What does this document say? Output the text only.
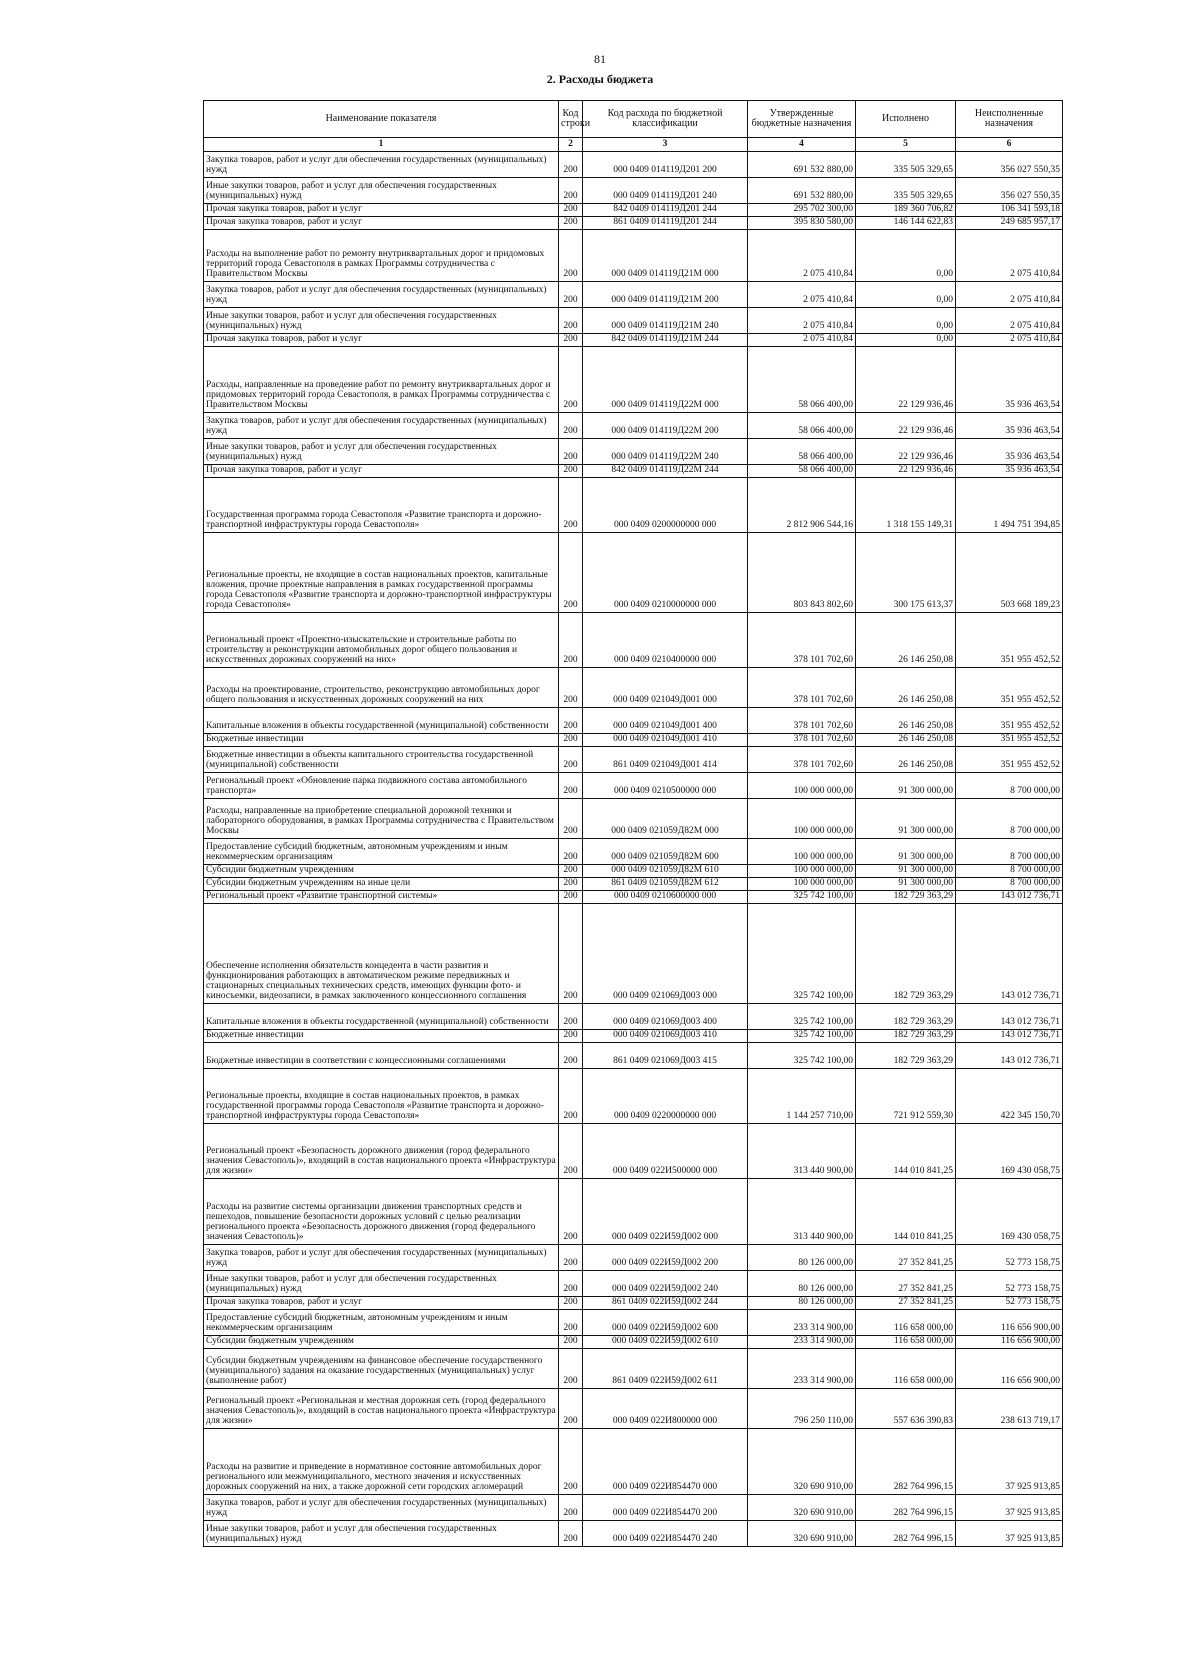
81
2. Расходы бюджета
Наименование показателя	Код строки	Код расхода по бюджетной классификации	Утвержденные бюджетные назначения	Исполнено	Неисполненные назначения
1	2	3	4	5	6
Закупка товаров, работ и услуг для обеспечения государственных (муниципальных) нужд	200	000 0409 014119Д201 200	691 532 880,00	335 505 329,65	356 027 550,35
Иные закупки товаров, работ и услуг для обеспечения государственных (муниципальных) нужд	200	000 0409 014119Д201 240	691 532 880,00	335 505 329,65	356 027 550,35
Прочая закупка товаров, работ и услуг	200	842 0409 014119Д201 244	295 702 300,00	189 360 706,82	106 341 593,18
Прочая закупка товаров, работ и услуг	200	861 0409 014119Д201 244	395 830 580,00	146 144 622,83	249 685 957,17
Расходы на выполнение работ по ремонту внутриквартальных дорог и придомовых территорий города Севастополя в рамках Программы сотрудничества с Правительством Москвы	200	000 0409 014119Д21М 000	2 075 410,84	0,00	2 075 410,84
Закупка товаров, работ и услуг для обеспечения государственных (муниципальных) нужд	200	000 0409 014119Д21М 200	2 075 410,84	0,00	2 075 410,84
Иные закупки товаров, работ и услуг для обеспечения государственных (муниципальных) нужд	200	000 0409 014119Д21М 240	2 075 410,84	0,00	2 075 410,84
Прочая закупка товаров, работ и услуг	200	842 0409 014119Д21М 244	2 075 410,84	0,00	2 075 410,84
Расходы, направленные на проведение работ по ремонту внутриквартальных дорог и придомовых территорий города Севастополя, в рамках Программы сотрудничества с Правительством Москвы	200	000 0409 014119Д22М 000	58 066 400,00	22 129 936,46	35 936 463,54
Закупка товаров, работ и услуг для обеспечения государственных (муниципальных) нужд	200	000 0409 014119Д22М 200	58 066 400,00	22 129 936,46	35 936 463,54
Иные закупки товаров, работ и услуг для обеспечения государственных (муниципальных) нужд	200	000 0409 014119Д22М 240	58 066 400,00	22 129 936,46	35 936 463,54
Прочая закупка товаров, работ и услуг	200	842 0409 014119Д22М 244	58 066 400,00	22 129 936,46	35 936 463,54
Государственная программа города Севастополя «Развитие транспорта и дорожно-транспортной инфраструктуры города Севастополя»	200	000 0409 0200000000 000	2 812 906 544,16	1 318 155 149,31	1 494 751 394,85
Региональные проекты, не входящие в состав национальных проектов, капитальные вложения, прочие проектные направления в рамках государственной программы города Севастополя «Развитие транспорта и дорожно-транспортной инфраструктуры города Севастополя»	200	000 0409 0210000000 000	803 843 802,60	300 175 613,37	503 668 189,23
Региональный проект «Проектно-изыскательские и строительные работы по строительству и реконструкции автомобильных дорог общего пользования и искусственных дорожных сооружений на них»	200	000 0409 0210400000 000	378 101 702,60	26 146 250,08	351 955 452,52
Расходы на проектирование, строительство, реконструкцию автомобильных дорог общего пользования и искусственных дорожных сооружений на них	200	000 0409 021049Д001 000	378 101 702,60	26 146 250,08	351 955 452,52
Капитальные вложения в объекты государственной (муниципальной) собственности	200	000 0409 021049Д001 400	378 101 702,60	26 146 250,08	351 955 452,52
Бюджетные инвестиции	200	000 0409 021049Д001 410	378 101 702,60	26 146 250,08	351 955 452,52
Бюджетные инвестиции в объекты капитального строительства государственной (муниципальной) собственности	200	861 0409 021049Д001 414	378 101 702,60	26 146 250,08	351 955 452,52
Региональный проект «Обновление парка подвижного состава автомобильного транспорта»	200	000 0409 0210500000 000	100 000 000,00	91 300 000,00	8 700 000,00
Расходы, направленные на приобретение специальной дорожной техники и лабораторного оборудования, в рамках Программы сотрудничества с Правительством Москвы	200	000 0409 021059Д82М 000	100 000 000,00	91 300 000,00	8 700 000,00
Предоставление субсидий бюджетным, автономным учреждениям и иным некоммерческим организациям	200	000 0409 021059Д82М 600	100 000 000,00	91 300 000,00	8 700 000,00
Субсидии бюджетным учреждениям	200	000 0409 021059Д82М 610	100 000 000,00	91 300 000,00	8 700 000,00
Субсидии бюджетным учреждениям на иные цели	200	861 0409 021059Д82М 612	100 000 000,00	91 300 000,00	8 700 000,00
Региональный проект «Развитие транспортной системы»	200	000 0409 0210600000 000	325 742 100,00	182 729 363,29	143 012 736,71
Обеспечение исполнения обязательств концедента в части развития и функционирования работающих в автоматическом режиме передвижных и стационарных специальных технических средств, имеющих функции фото- и киносъемки, видеозаписи, в рамках заключенного концессионного соглашения	200	000 0409 021069Д003 000	325 742 100,00	182 729 363,29	143 012 736,71
Капитальные вложения в объекты государственной (муниципальной) собственности	200	000 0409 021069Д003 400	325 742 100,00	182 729 363,29	143 012 736,71
Бюджетные инвестиции	200	000 0409 021069Д003 410	325 742 100,00	182 729 363,29	143 012 736,71
Бюджетные инвестиции в соответствии с концессионными соглашениями	200	861 0409 021069Д003 415	325 742 100,00	182 729 363,29	143 012 736,71
Региональные проекты, входящие в состав национальных проектов, в рамках государственной программы города Севастополя «Развитие транспорта и дорожно-транспортной инфраструктуры города Севастополя»	200	000 0409 0220000000 000	1 144 257 710,00	721 912 559,30	422 345 150,70
Региональный проект «Безопасность дорожного движения (город федерального значения Севастополь)», входящий в состав национального проекта «Инфраструктура для жизни»	200	000 0409 022И500000 000	313 440 900,00	144 010 841,25	169 430 058,75
Расходы на развитие системы организации движения транспортных средств и пешеходов, повышение безопасности дорожных условий с целью реализации регионального проекта «Безопасность дорожного движения (город федерального значения Севастополь)»	200	000 0409 022И59Д002 000	313 440 900,00	144 010 841,25	169 430 058,75
Закупка товаров, работ и услуг для обеспечения государственных (муниципальных) нужд	200	000 0409 022И59Д002 200	80 126 000,00	27 352 841,25	52 773 158,75
Иные закупки товаров, работ и услуг для обеспечения государственных (муниципальных) нужд	200	000 0409 022И59Д002 240	80 126 000,00	27 352 841,25	52 773 158,75
Прочая закупка товаров, работ и услуг	200	861 0409 022И59Д002 244	80 126 000,00	27 352 841,25	52 773 158,75
Предоставление субсидий бюджетным, автономным учреждениям и иным некоммерческим организациям	200	000 0409 022И59Д002 600	233 314 900,00	116 658 000,00	116 656 900,00
Субсидии бюджетным учреждениям	200	000 0409 022И59Д002 610	233 314 900,00	116 658 000,00	116 656 900,00
Субсидии бюджетным учреждениям на финансовое обеспечение государственного (муниципального) задания на оказание государственных (муниципальных) услуг (выполнение работ)	200	861 0409 022И59Д002 611	233 314 900,00	116 658 000,00	116 656 900,00
Региональный проект «Региональная и местная дорожная сеть (город федерального значения Севастополь)», входящий в состав национального проекта «Инфраструктура для жизни»	200	000 0409 022И800000 000	796 250 110,00	557 636 390,83	238 613 719,17
Расходы на развитие и приведение в нормативное состояние автомобильных дорог регионального или межмуниципального, местного значения и искусственных дорожных сооружений на них, а также дорожной сети городских агломераций	200	000 0409 022И854470 000	320 690 910,00	282 764 996,15	37 925 913,85
Закупка товаров, работ и услуг для обеспечения государственных (муниципальных) нужд	200	000 0409 022И854470 200	320 690 910,00	282 764 996,15	37 925 913,85
Иные закупки товаров, работ и услуг для обеспечения государственных (муниципальных) нужд	200	000 0409 022И854470 240	320 690 910,00	282 764 996,15	37 925 913,85
